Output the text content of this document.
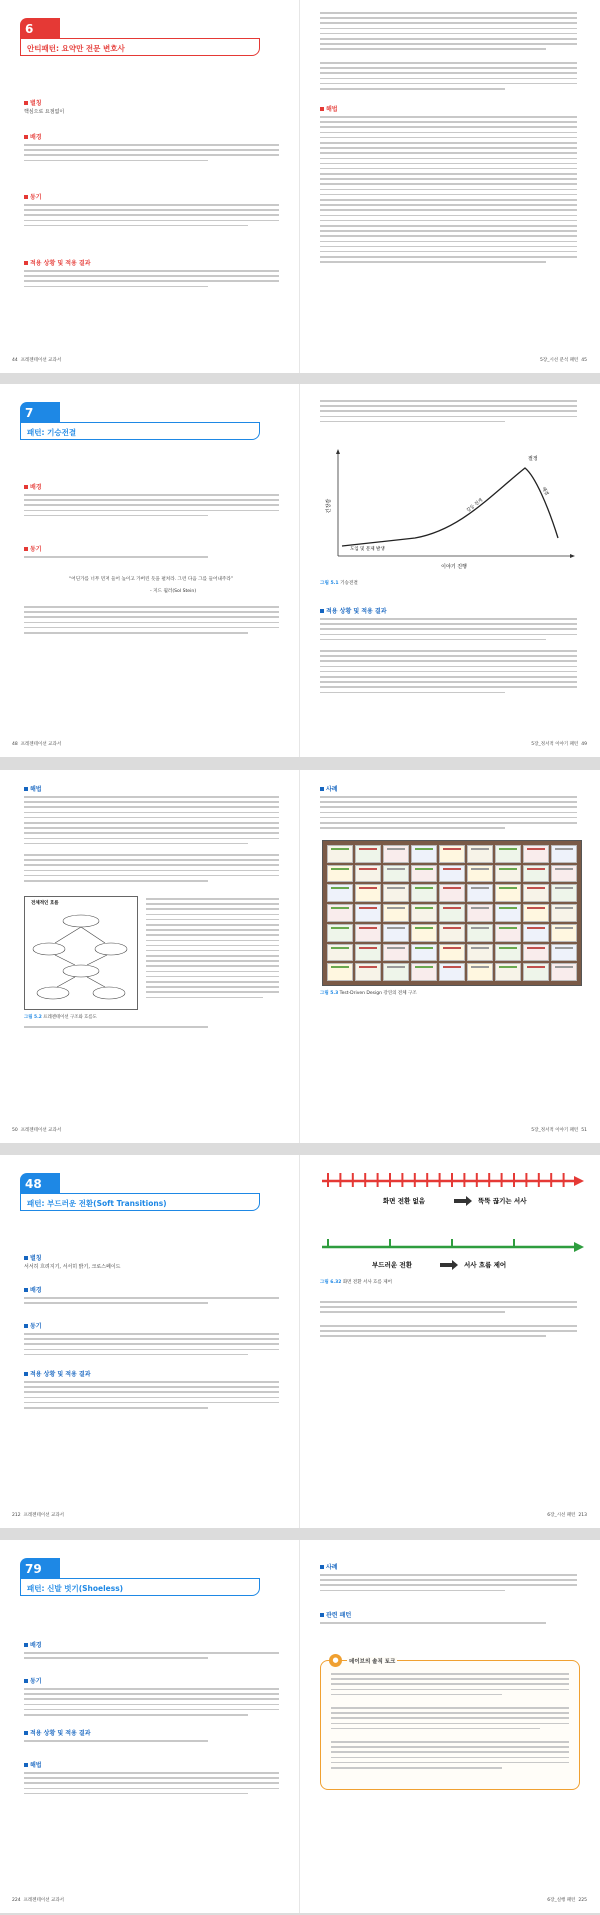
6
안티패턴: 요약만 전문 변호사
별칭
핵심으로 요점없이
배경
동기
적용 상황 및 적용 결과
44 프레젠테이션 교과서
해법
5장_시선 분석 패턴 45
7
패턴: 기승전결
배경
동기
“어딘가를 너무 먼저 들어 높이고 가버린 듯을 펼쳐라. 그런 다음 그를 들어내주라”
- 지드 윌러(Sol Stein)
48 프레젠테이션 교과서
긴장감
이야기 진행
절정
도입 및 문제 발생
갈등 전개
해결
그림 5.1 기승전결
적용 상황 및 적용 결과
5장_정서적 이야기 패턴 49
해법
전체적인 흐름
그림 5.2 프레젠테이션 구조와 흐름도
50 프레젠테이션 교과서
사례
그림 5.3 Test-Driven Design 강연의 전체 구조
5장_정서적 이야기 패턴 51
48
패턴: 부드러운 전환(Soft Transitions)
별칭
서서히 흐려지기, 서서히 밝기, 크로스페이드
배경
동기
적용 상황 및 적용 결과
212 프레젠테이션 교과서
화면 전환 없음	뚝뚝 끊기는 서사
부드러운 전환	서사 흐름 제어
그림 6.32 화면 전환 서사 흐름 제어
6장_시선 패턴 213
79
패턴: 신발 벗기(Shoeless)
배경
동기
적용 상황 및 적용 결과
해법
224 프레젠테이션 교과서
사례
관련 패턴
●	데이브의 솔직 토크
6장_실행 패턴 225
